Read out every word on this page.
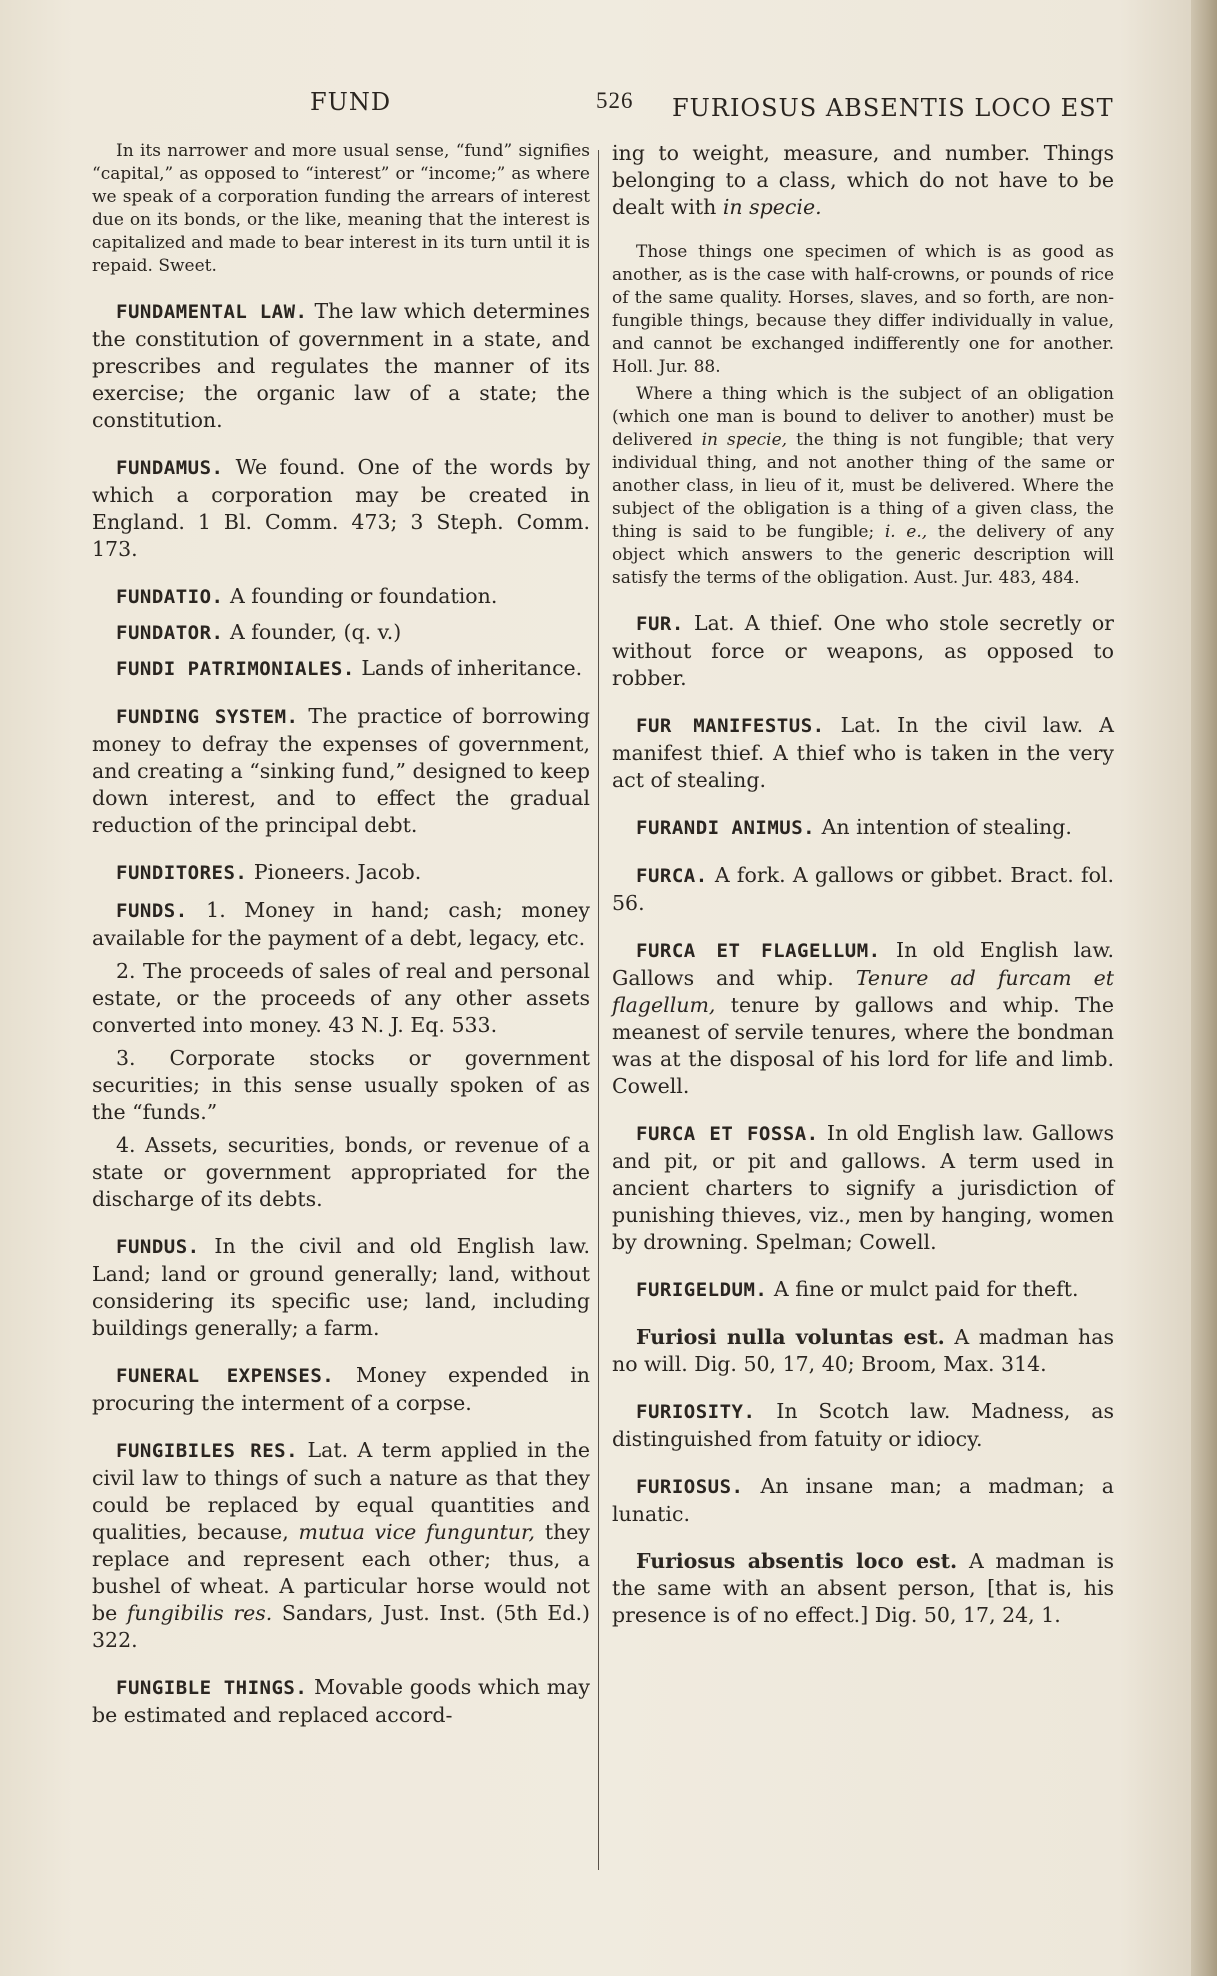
FUND	526 FURIOSUS ABSENTIS LOCO EST

In its narrower and more usual sense, “fund” signifies “capital,” as opposed to “interest” or “income;” as where we speak of a corporation funding the arrears of interest due on its bonds, or the like, meaning that the interest is capitalized and made to bear interest in its turn until it is repaid. Sweet.

FUNDAMENTAL LAW. The law which determines the constitution of government in a state, and prescribes and regulates the manner of its exercise; the organic law of a state; the constitution.

FUNDAMUS. We found. One of the words by which a corporation may be created in England. 1 Bl. Comm. 473; 3 Steph. Comm. 173.

FUNDATIO. A founding or foundation.

FUNDATOR. A founder, (q. v.)

FUNDI PATRIMONIALES. Lands of inheritance.

FUNDING SYSTEM. The practice of borrowing money to defray the expenses of government, and creating a “sinking fund,” designed to keep down interest, and to effect the gradual reduction of the principal debt.

FUNDITORES. Pioneers. Jacob.

FUNDS. 1. Money in hand; cash; money available for the payment of a debt, legacy, etc.

2. The proceeds of sales of real and personal estate, or the proceeds of any other assets converted into money. 43 N. J. Eq. 533.

3. Corporate stocks or government securities; in this sense usually spoken of as the “funds.”

4. Assets, securities, bonds, or revenue of a state or government appropriated for the discharge of its debts.

FUNDUS. In the civil and old English law. Land; land or ground generally; land, without considering its specific use; land, including buildings generally; a farm.

FUNERAL EXPENSES. Money expended in procuring the interment of a corpse.

FUNGIBILES RES. Lat. A term applied in the civil law to things of such a nature as that they could be replaced by equal quantities and qualities, because, mutua vice funguntur, they replace and represent each other; thus, a bushel of wheat. A particular horse would not be fungibilis res. Sandars, Just. Inst. (5th Ed.) 322.

FUNGIBLE THINGS. Movable goods which may be estimated and replaced accord-

ing to weight, measure, and number. Things belonging to a class, which do not have to be dealt with in specie.

Those things one specimen of which is as good as another, as is the case with half-crowns, or pounds of rice of the same quality. Horses, slaves, and so forth, are non-fungible things, because they differ individually in value, and cannot be exchanged indifferently one for another. Holl. Jur. 88.

Where a thing which is the subject of an obligation (which one man is bound to deliver to another) must be delivered in specie, the thing is not fungible; that very individual thing, and not another thing of the same or another class, in lieu of it, must be delivered. Where the subject of the obligation is a thing of a given class, the thing is said to be fungible; i. e., the delivery of any object which answers to the generic description will satisfy the terms of the obligation. Aust. Jur. 483, 484.

FUR. Lat. A thief. One who stole secretly or without force or weapons, as opposed to robber.

FUR MANIFESTUS. Lat. In the civil law. A manifest thief. A thief who is taken in the very act of stealing.

FURANDI ANIMUS. An intention of stealing.

FURCA. A fork. A gallows or gibbet. Bract. fol. 56.

FURCA ET FLAGELLUM. In old English law. Gallows and whip. Tenure ad furcam et flagellum, tenure by gallows and whip. The meanest of servile tenures, where the bondman was at the disposal of his lord for life and limb. Cowell.

FURCA ET FOSSA. In old English law. Gallows and pit, or pit and gallows. A term used in ancient charters to signify a jurisdiction of punishing thieves, viz., men by hanging, women by drowning. Spelman; Cowell.

FURIGELDUM. A fine or mulct paid for theft.

Furiosi nulla voluntas est. A madman has no will. Dig. 50, 17, 40; Broom, Max. 314.

FURIOSITY. In Scotch law. Madness, as distinguished from fatuity or idiocy.

FURIOSUS. An insane man; a madman; a lunatic.

Furiosus absentis loco est. A madman is the same with an absent person, [that is, his presence is of no effect.] Dig. 50, 17, 24, 1.
